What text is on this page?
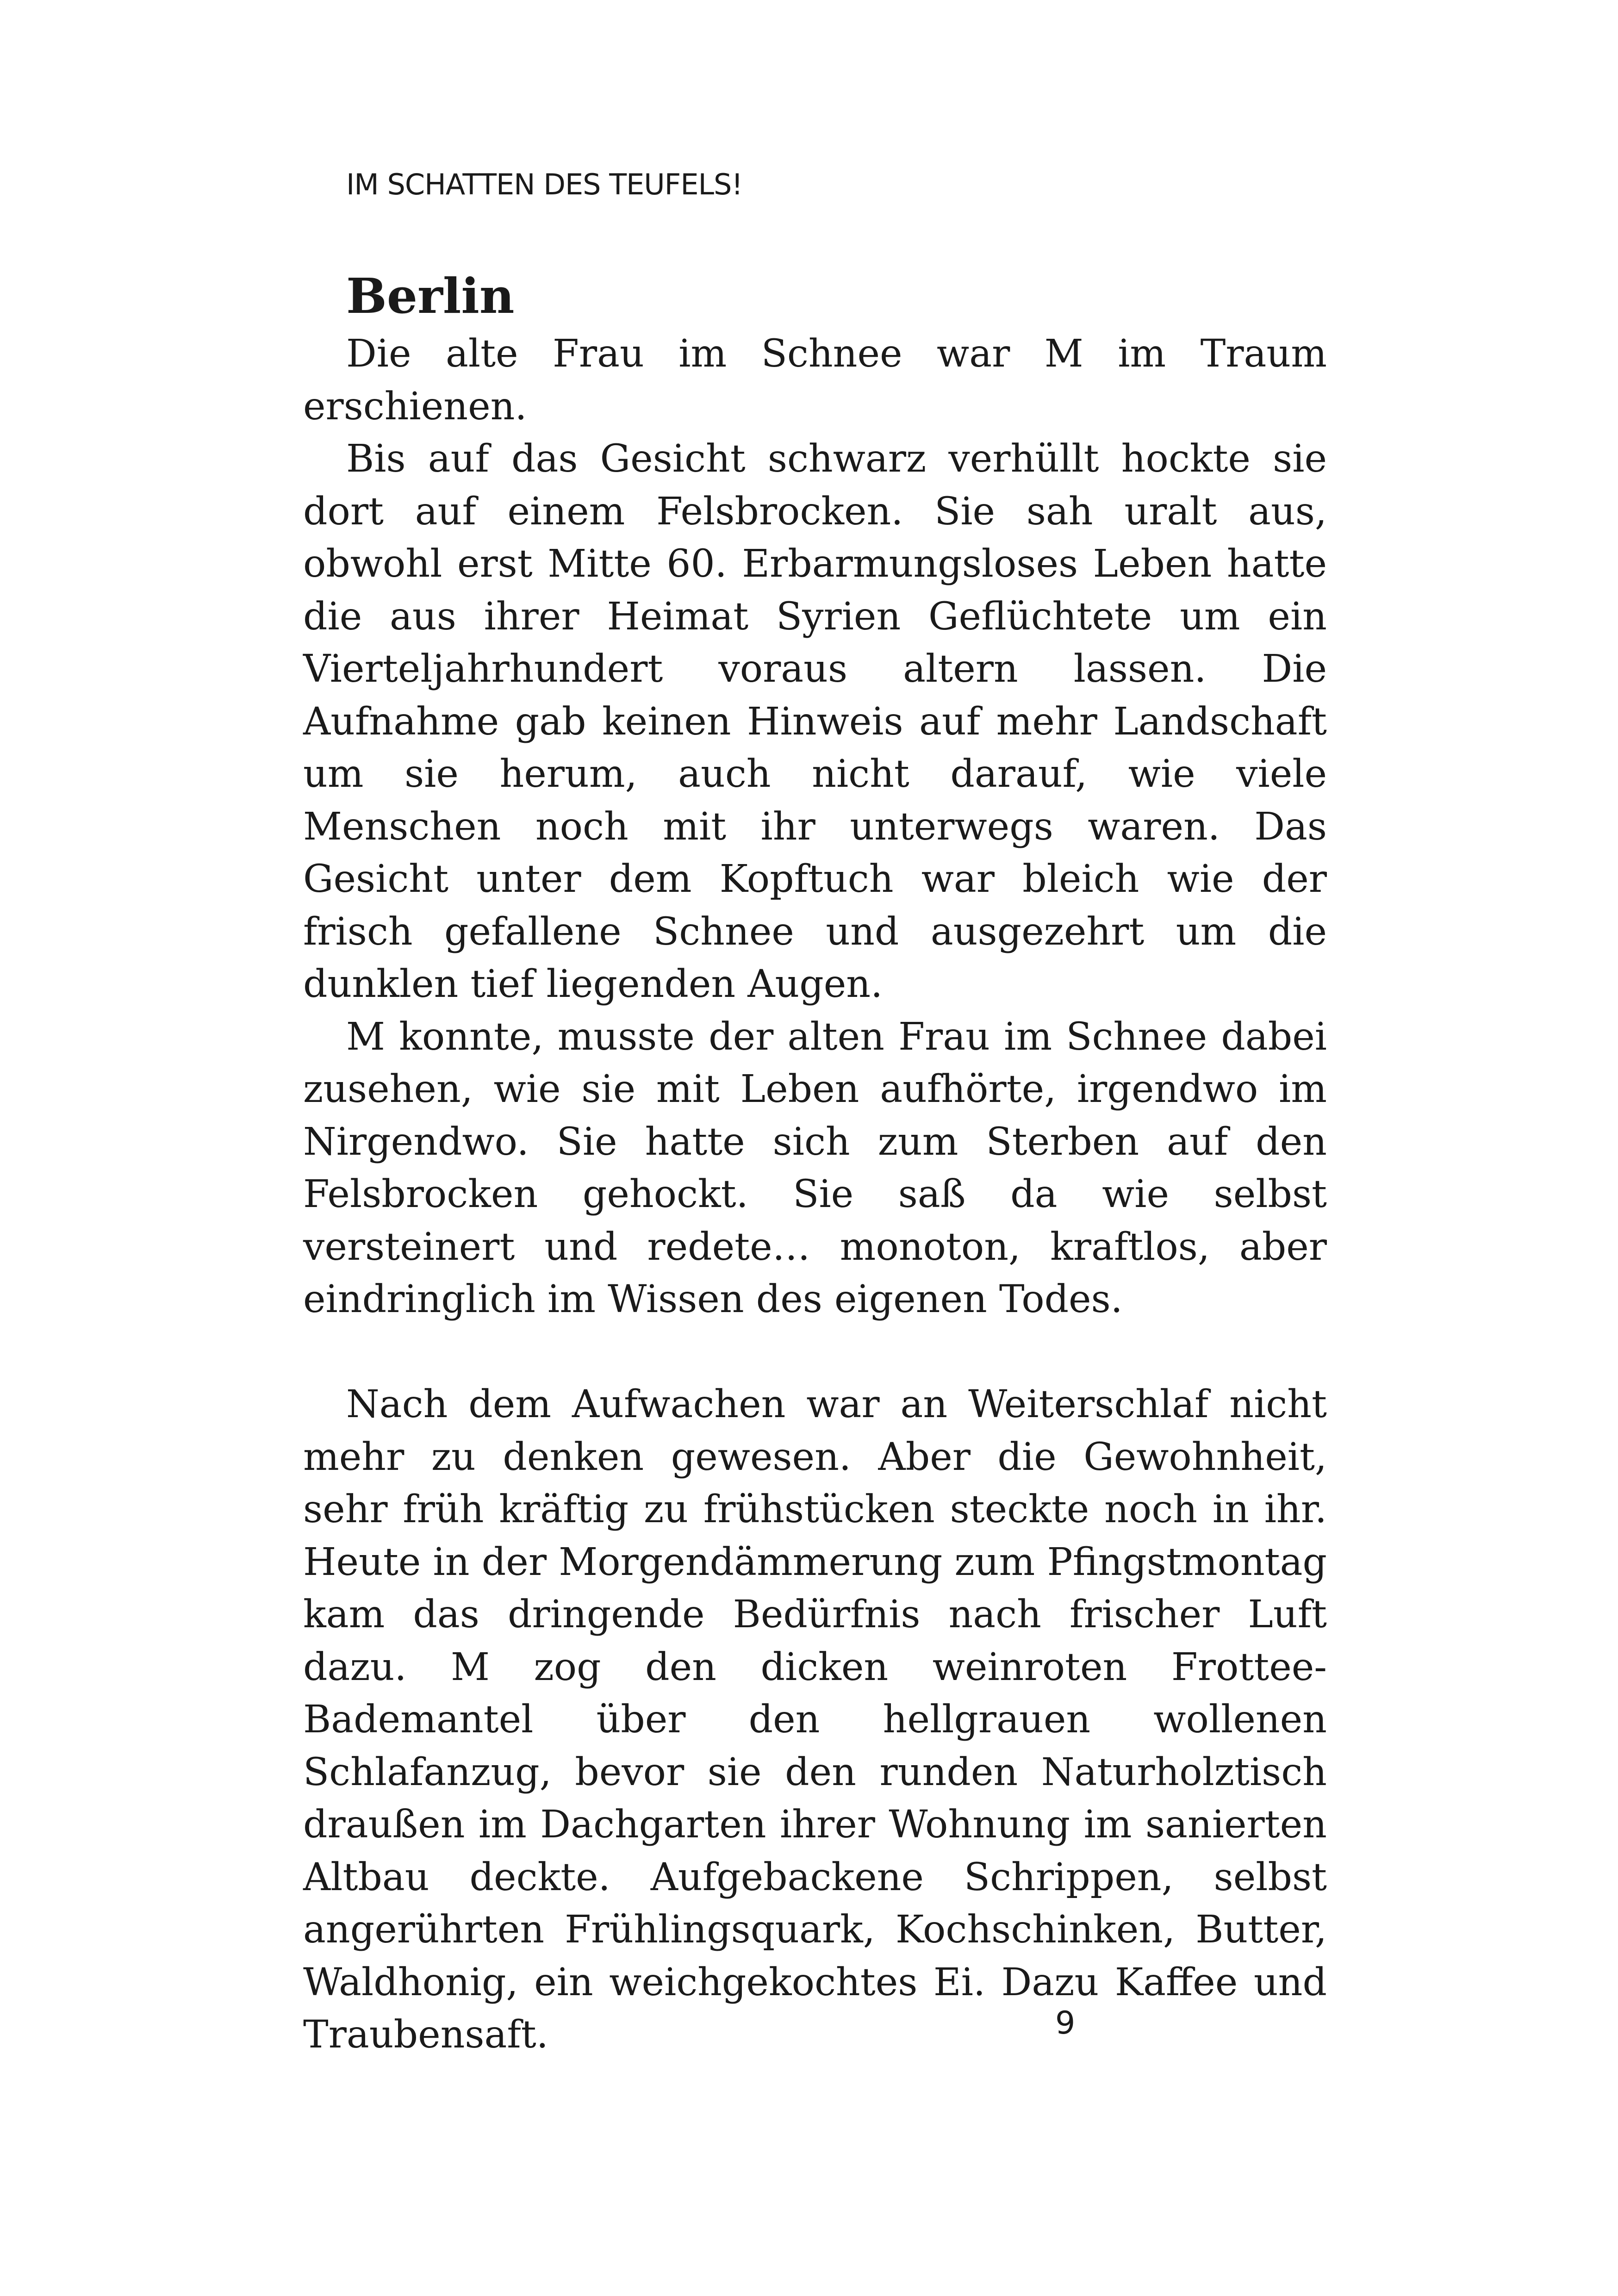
IM SCHATTEN DES TEUFELS!
Berlin

Die alte Frau im Schnee war M im Traum erschienen.

Bis auf das Gesicht schwarz verhüllt hockte sie dort auf einem Felsbrocken. Sie sah uralt aus, obwohl erst Mitte 60. Erbarmungsloses Leben hatte die aus ihrer Heimat Syrien Geflüchtete um ein Vierteljahrhundert voraus altern lassen. Die Aufnahme gab keinen Hinweis auf mehr Landschaft um sie herum, auch nicht darauf, wie viele Menschen noch mit ihr unterwegs waren. Das Gesicht unter dem Kopftuch war bleich wie der frisch gefallene Schnee und ausgezehrt um die dunklen tief liegenden Augen.

M konnte, musste der alten Frau im Schnee dabei zusehen, wie sie mit Leben aufhörte, irgendwo im Nirgendwo. Sie hatte sich zum Sterben auf den Felsbrocken gehockt. Sie saß da wie selbst versteinert und redete… monoton, kraftlos, aber eindringlich im Wissen des eigenen Todes.

Nach dem Aufwachen war an Weiterschlaf nicht mehr zu denken gewesen. Aber die Gewohnheit, sehr früh kräftig zu frühstücken steckte noch in ihr. Heute in der Morgendämmerung zum Pfingstmontag kam das dringende Bedürfnis nach frischer Luft dazu. M zog den dicken weinroten Frottee-Bademantel über den hellgrauen wollenen Schlafanzug, bevor sie den runden Naturholztisch draußen im Dachgarten ihrer Wohnung im sanierten Altbau deckte. Aufgebackene Schrippen, selbst angerührten Frühlingsquark, Kochschinken, Butter, Waldhonig, ein weichgekochtes Ei. Dazu Kaffee und Traubensaft.	9
